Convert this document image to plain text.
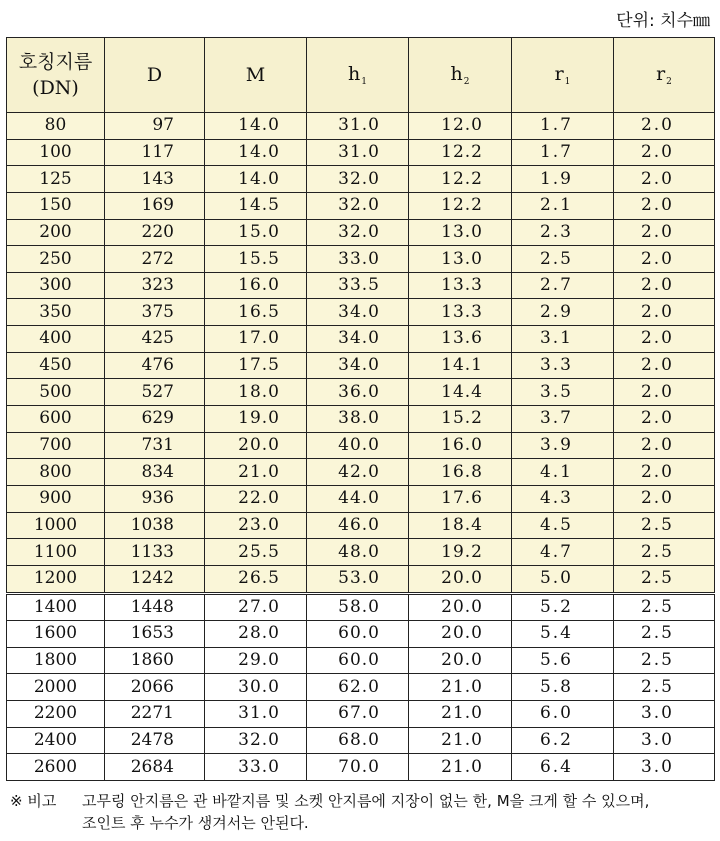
단위: 치수㎜
호칭지름
(DN)	D	M	$h_1$	$h_2$	$r_1$	$r_2$
80	97	14.0	31.0	12.0	1.7	2.0
100	117	14.0	31.0	12.2	1.7	2.0
125	143	14.0	32.0	12.2	1.9	2.0
150	169	14.5	32.0	12.2	2.1	2.0
200	220	15.0	32.0	13.0	2.3	2.0
250	272	15.5	33.0	13.0	2.5	2.0
300	323	16.0	33.5	13.3	2.7	2.0
350	375	16.5	34.0	13.3	2.9	2.0
400	425	17.0	34.0	13.6	3.1	2.0
450	476	17.5	34.0	14.1	3.3	2.0
500	527	18.0	36.0	14.4	3.5	2.0
600	629	19.0	38.0	15.2	3.7	2.0
700	731	20.0	40.0	16.0	3.9	2.0
800	834	21.0	42.0	16.8	4.1	2.0
900	936	22.0	44.0	17.6	4.3	2.0
1000	1038	23.0	46.0	18.4	4.5	2.5
1100	1133	25.5	48.0	19.2	4.7	2.5
1200	1242	26.5	53.0	20.0	5.0	2.5
1400	1448	27.0	58.0	20.0	5.2	2.5
1600	1653	28.0	60.0	20.0	5.4	2.5
1800	1860	29.0	60.0	20.0	5.6	2.5
2000	2066	30.0	62.0	21.0	5.8	2.5
2200	2271	31.0	67.0	21.0	6.0	3.0
2400	2478	32.0	68.0	21.0	6.2	3.0
2600	2684	33.0	70.0	21.0	6.4	3.0
※ 비고 고무링 안지름은 관 바깥지름 및 소켓 안지름에 지장이 없는 한, M을 크게 할 수 있으며,
조인트 후 누수가 생겨서는 안된다.
